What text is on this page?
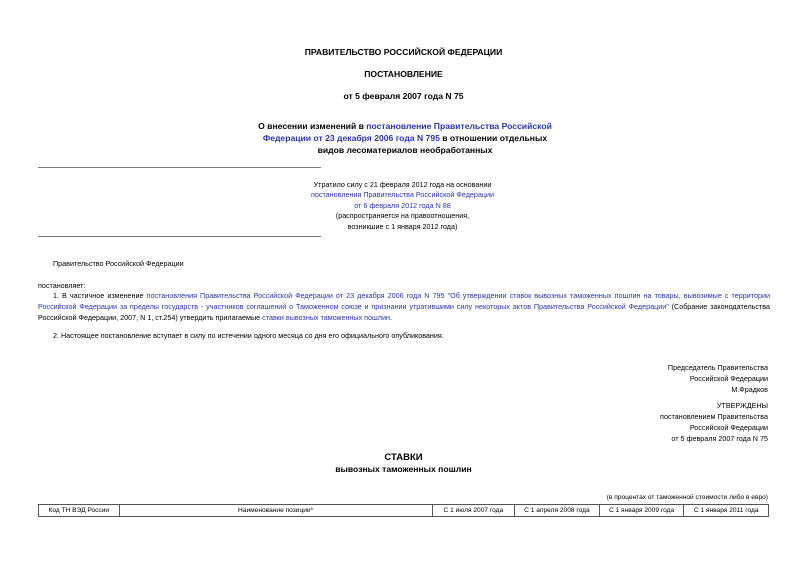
ПРАВИТЕЛЬСТВО РОССИЙСКОЙ ФЕДЕРАЦИИ
ПОСТАНОВЛЕНИЕ
от 5 февраля 2007 года N 75
О внесении изменений в постановление Правительства Российской Федерации от 23 декабря 2006 года N 795 в отношении отдельных видов лесоматериалов необработанных
Утратило силу с 21 февраля 2012 года на основании
постановления Правительства Российской Федерации
от 6 февраля 2012 года N 88
(распространяется на правоотношения,
возникшие с 1 января 2012 года)
Правительство Российской Федерации
постановляет:
1. В частичное изменение постановления Правительства Российской Федерации от 23 декабря 2006 года N 795 "Об утверждении ставок вывозных таможенных пошлин на товары, вывозимые с территории Российской Федерации за пределы государств - участников соглашений о Таможенном союзе и признании утратившими силу некоторых актов Правительства Российской Федерации" (Собрание законодательства Российской Федерации, 2007, N 1, ст.254) утвердить прилагаемые ставки вывозных таможенных пошлин.
2. Настоящее постановление вступает в силу по истечении одного месяца со дня его официального опубликования.
Председатель Правительства
Российской Федерации
М.Фрадков
УТВЕРЖДЕНЫ
постановлением Правительства
Российской Федерации
от 5 февраля 2007 года N 75
СТАВКИ
вывозных таможенных пошлин
(в процентах от таможенной стоимости либо в евро)
Код ТН ВЭД России	Наименование позиции*	С 1 июля 2007 года	С 1 апреля 2008 года	С 1 января 2009 года	С 1 января 2011 года
